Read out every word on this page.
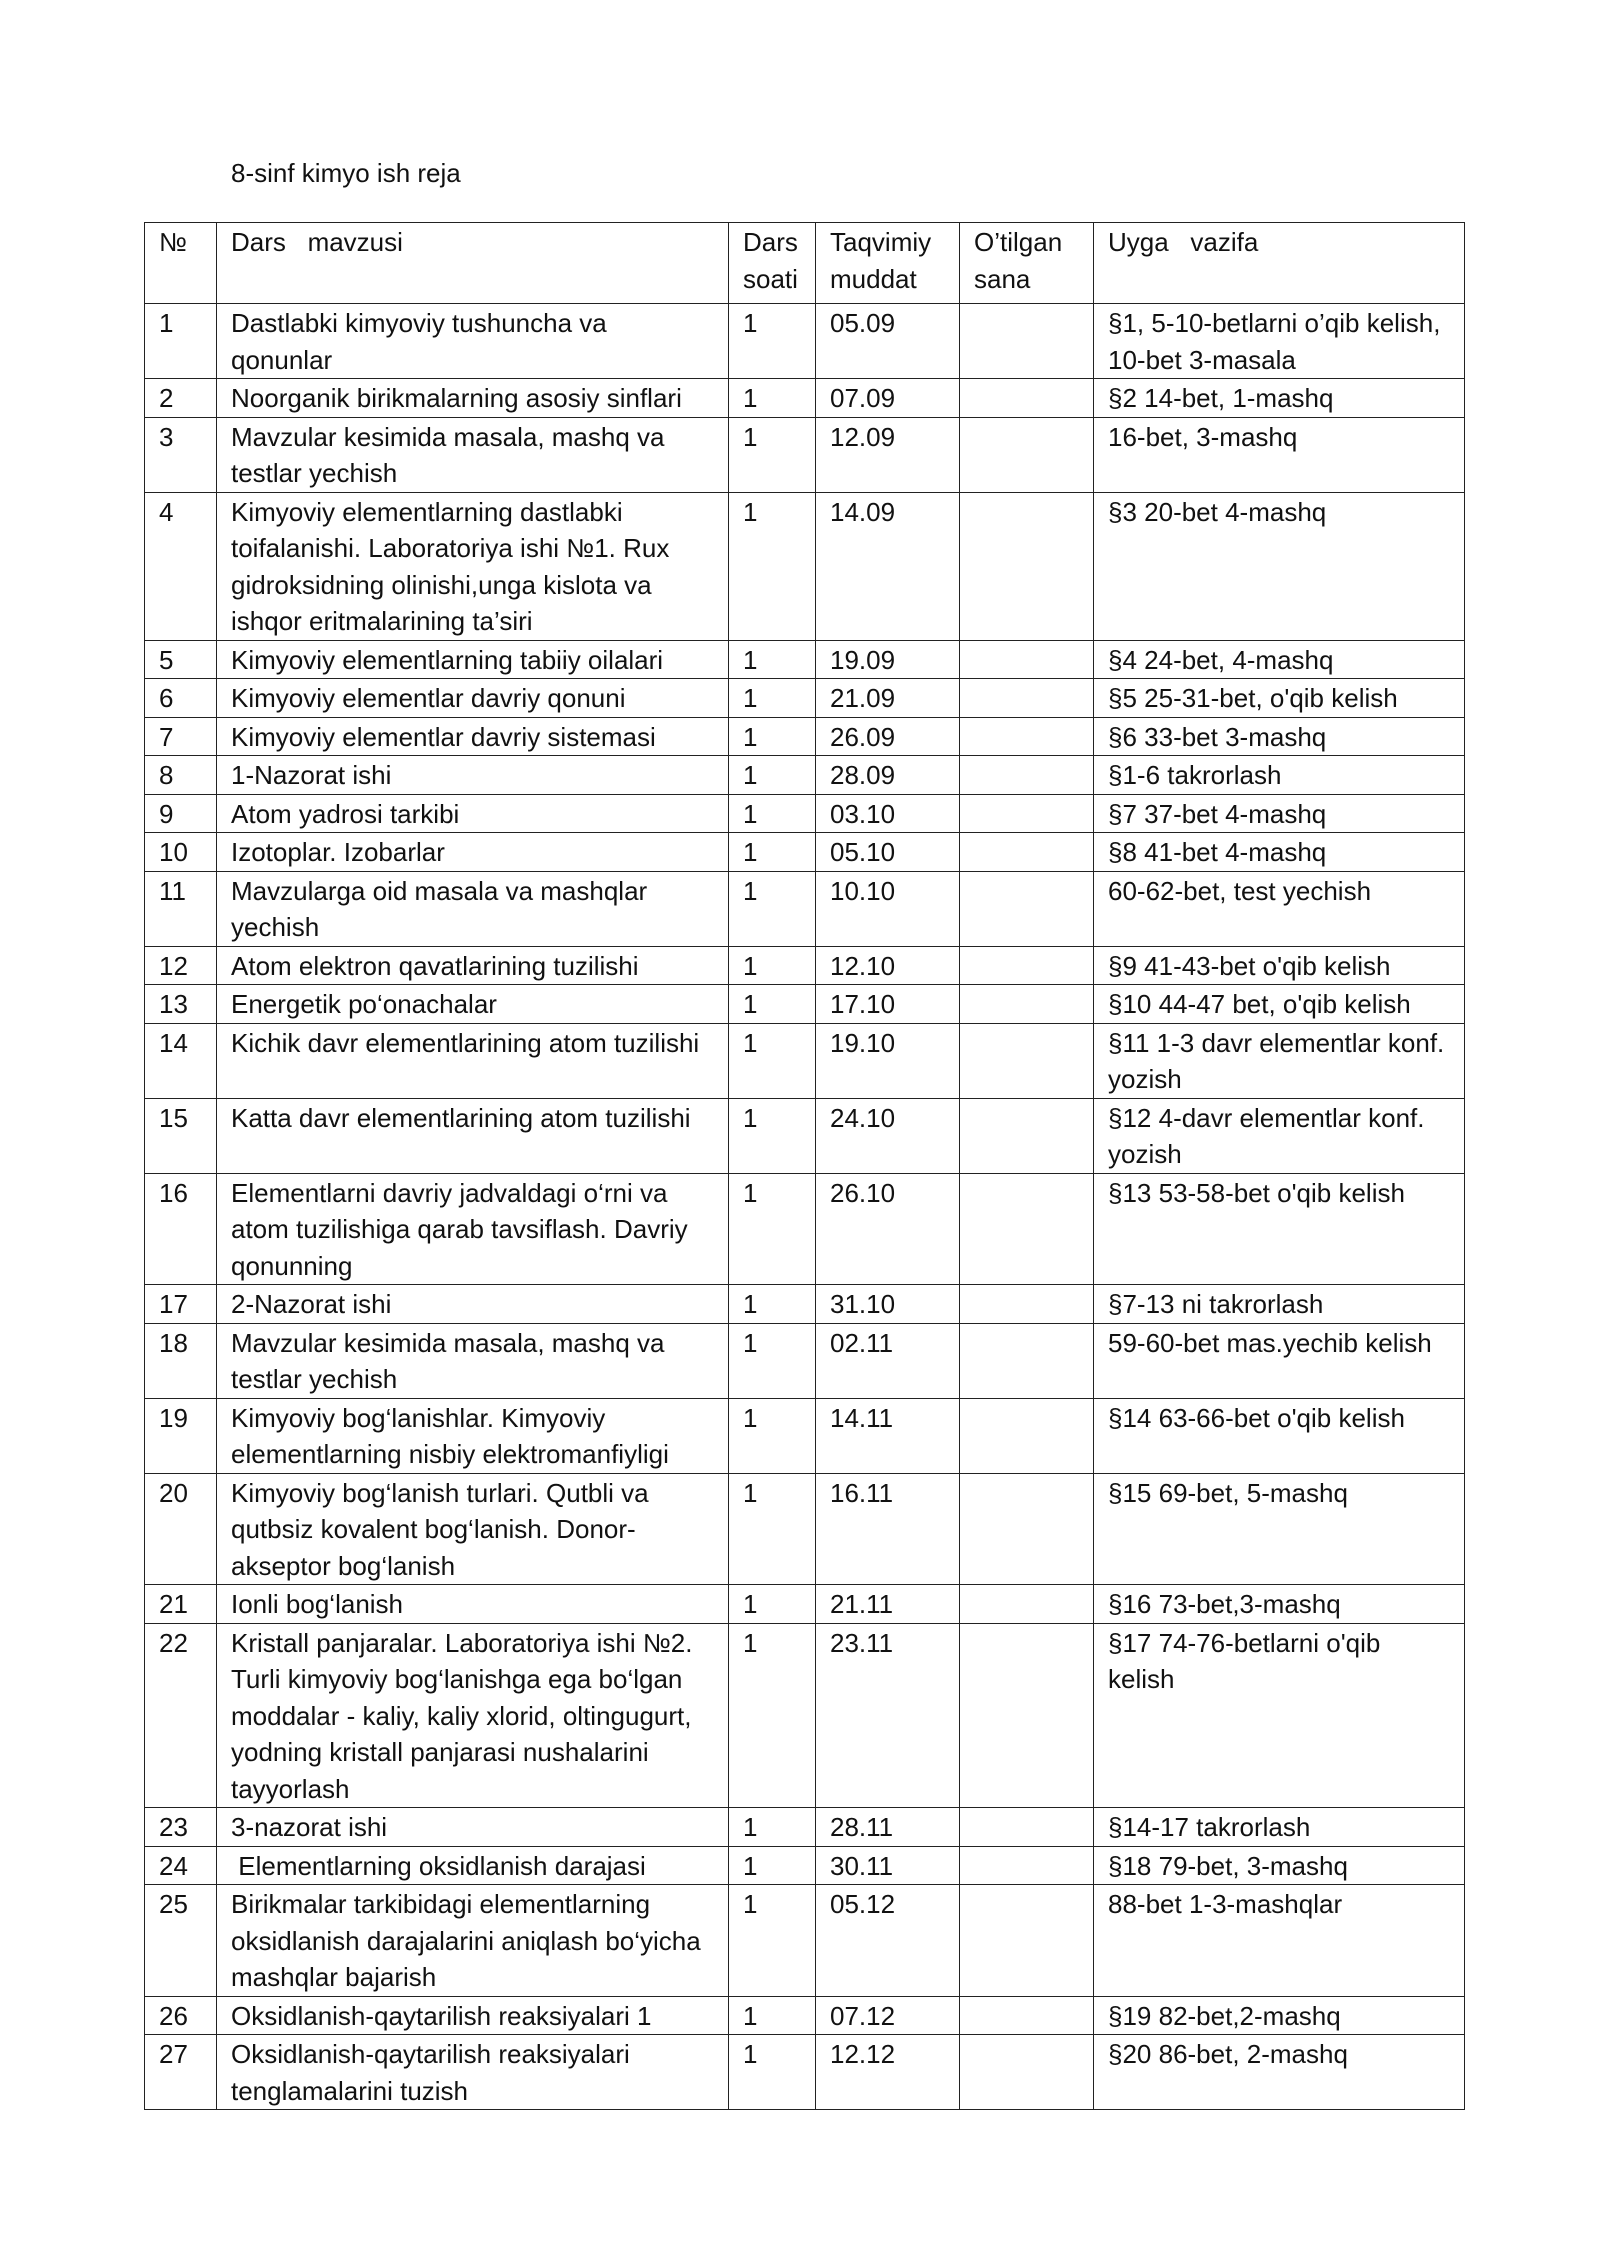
8-sinf kimyo ish reja
№	Dars   mavzusi	Dars soati	Taqvimiy muddat	O’tilgan sana	Uyga   vazifa
1	Dastlabki kimyoviy tushuncha va qonunlar	1	05.09		§1, 5-10-betlarni o’qib kelish, 10-bet 3-masala
2	Noorganik birikmalarning asosiy sinflari	1	07.09		§2 14-bet, 1-mashq
3	Mavzular kesimida masala, mashq va testlar yechish	1	12.09		16-bet, 3-mashq
4	Kimyoviy elementlarning dastlabki toifalanishi. Laboratoriya ishi №1. Rux gidroksidning olinishi,unga kislota va ishqor eritmalarining ta’siri	1	14.09		§3 20-bet 4-mashq
5	Kimyoviy elementlarning tabiiy oilalari	1	19.09		§4 24-bet, 4-mashq
6	Kimyoviy elementlar davriy qonuni	1	21.09		§5 25-31-bet, o'qib kelish
7	Kimyoviy elementlar davriy sistemasi	1	26.09		§6 33-bet 3-mashq
8	1-Nazorat ishi	1	28.09		§1-6 takrorlash
9	Atom yadrosi tarkibi	1	03.10		§7 37-bet 4-mashq
10	Izotoplar. Izobarlar	1	05.10		§8 41-bet 4-mashq
11	Mavzularga oid masala va mashqlar yechish	1	10.10		60-62-bet, test yechish
12	Atom elektron qavatlarining tuzilishi	1	12.10		§9 41-43-bet o'qib kelish
13	Energetik po‘onachalar	1	17.10		§10 44-47 bet, o'qib kelish
14	Kichik davr elementlarining atom tuzilishi	1	19.10		§11 1-3 davr elementlar konf. yozish
15	Katta davr elementlarining atom tuzilishi	1	24.10		§12 4-davr elementlar konf. yozish
16	Elementlarni davriy jadvaldagi o‘rni va atom tuzilishiga qarab tavsiflash. Davriy qonunning	1	26.10		§13 53-58-bet o'qib kelish
17	2-Nazorat ishi	1	31.10		§7-13 ni takrorlash
18	Mavzular kesimida masala, mashq va testlar yechish	1	02.11		59-60-bet mas.yechib kelish
19	Kimyoviy bog‘lanishlar. Kimyoviy elementlarning nisbiy elektromanfiyligi	1	14.11		§14 63-66-bet o'qib kelish
20	Kimyoviy bog‘lanish turlari. Qutbli va qutbsiz kovalent bog‘lanish. Donor-akseptor bog‘lanish	1	16.11		§15 69-bet, 5-mashq
21	Ionli bog‘lanish	1	21.11		§16 73-bet,3-mashq
22	Kristall panjaralar. Laboratoriya ishi №2. Turli kimyoviy bog‘lanishga ega bo‘lgan moddalar - kaliy, kaliy xlorid, oltingugurt, yodning kristall panjarasi nushalarini tayyorlash	1	23.11		§17 74-76-betlarni o'qib kelish
23	3-nazorat ishi	1	28.11		§14-17 takrorlash
24	Elementlarning oksidlanish darajasi	1	30.11		§18 79-bet, 3-mashq
25	Birikmalar tarkibidagi elementlarning oksidlanish darajalarini aniqlash bo‘yicha mashqlar bajarish	1	05.12		88-bet 1-3-mashqlar
26	Oksidlanish-qaytarilish reaksiyalari 1	1	07.12		§19 82-bet,2-mashq
27	Oksidlanish-qaytarilish reaksiyalari tenglamalarini tuzish	1	12.12		§20 86-bet, 2-mashq
